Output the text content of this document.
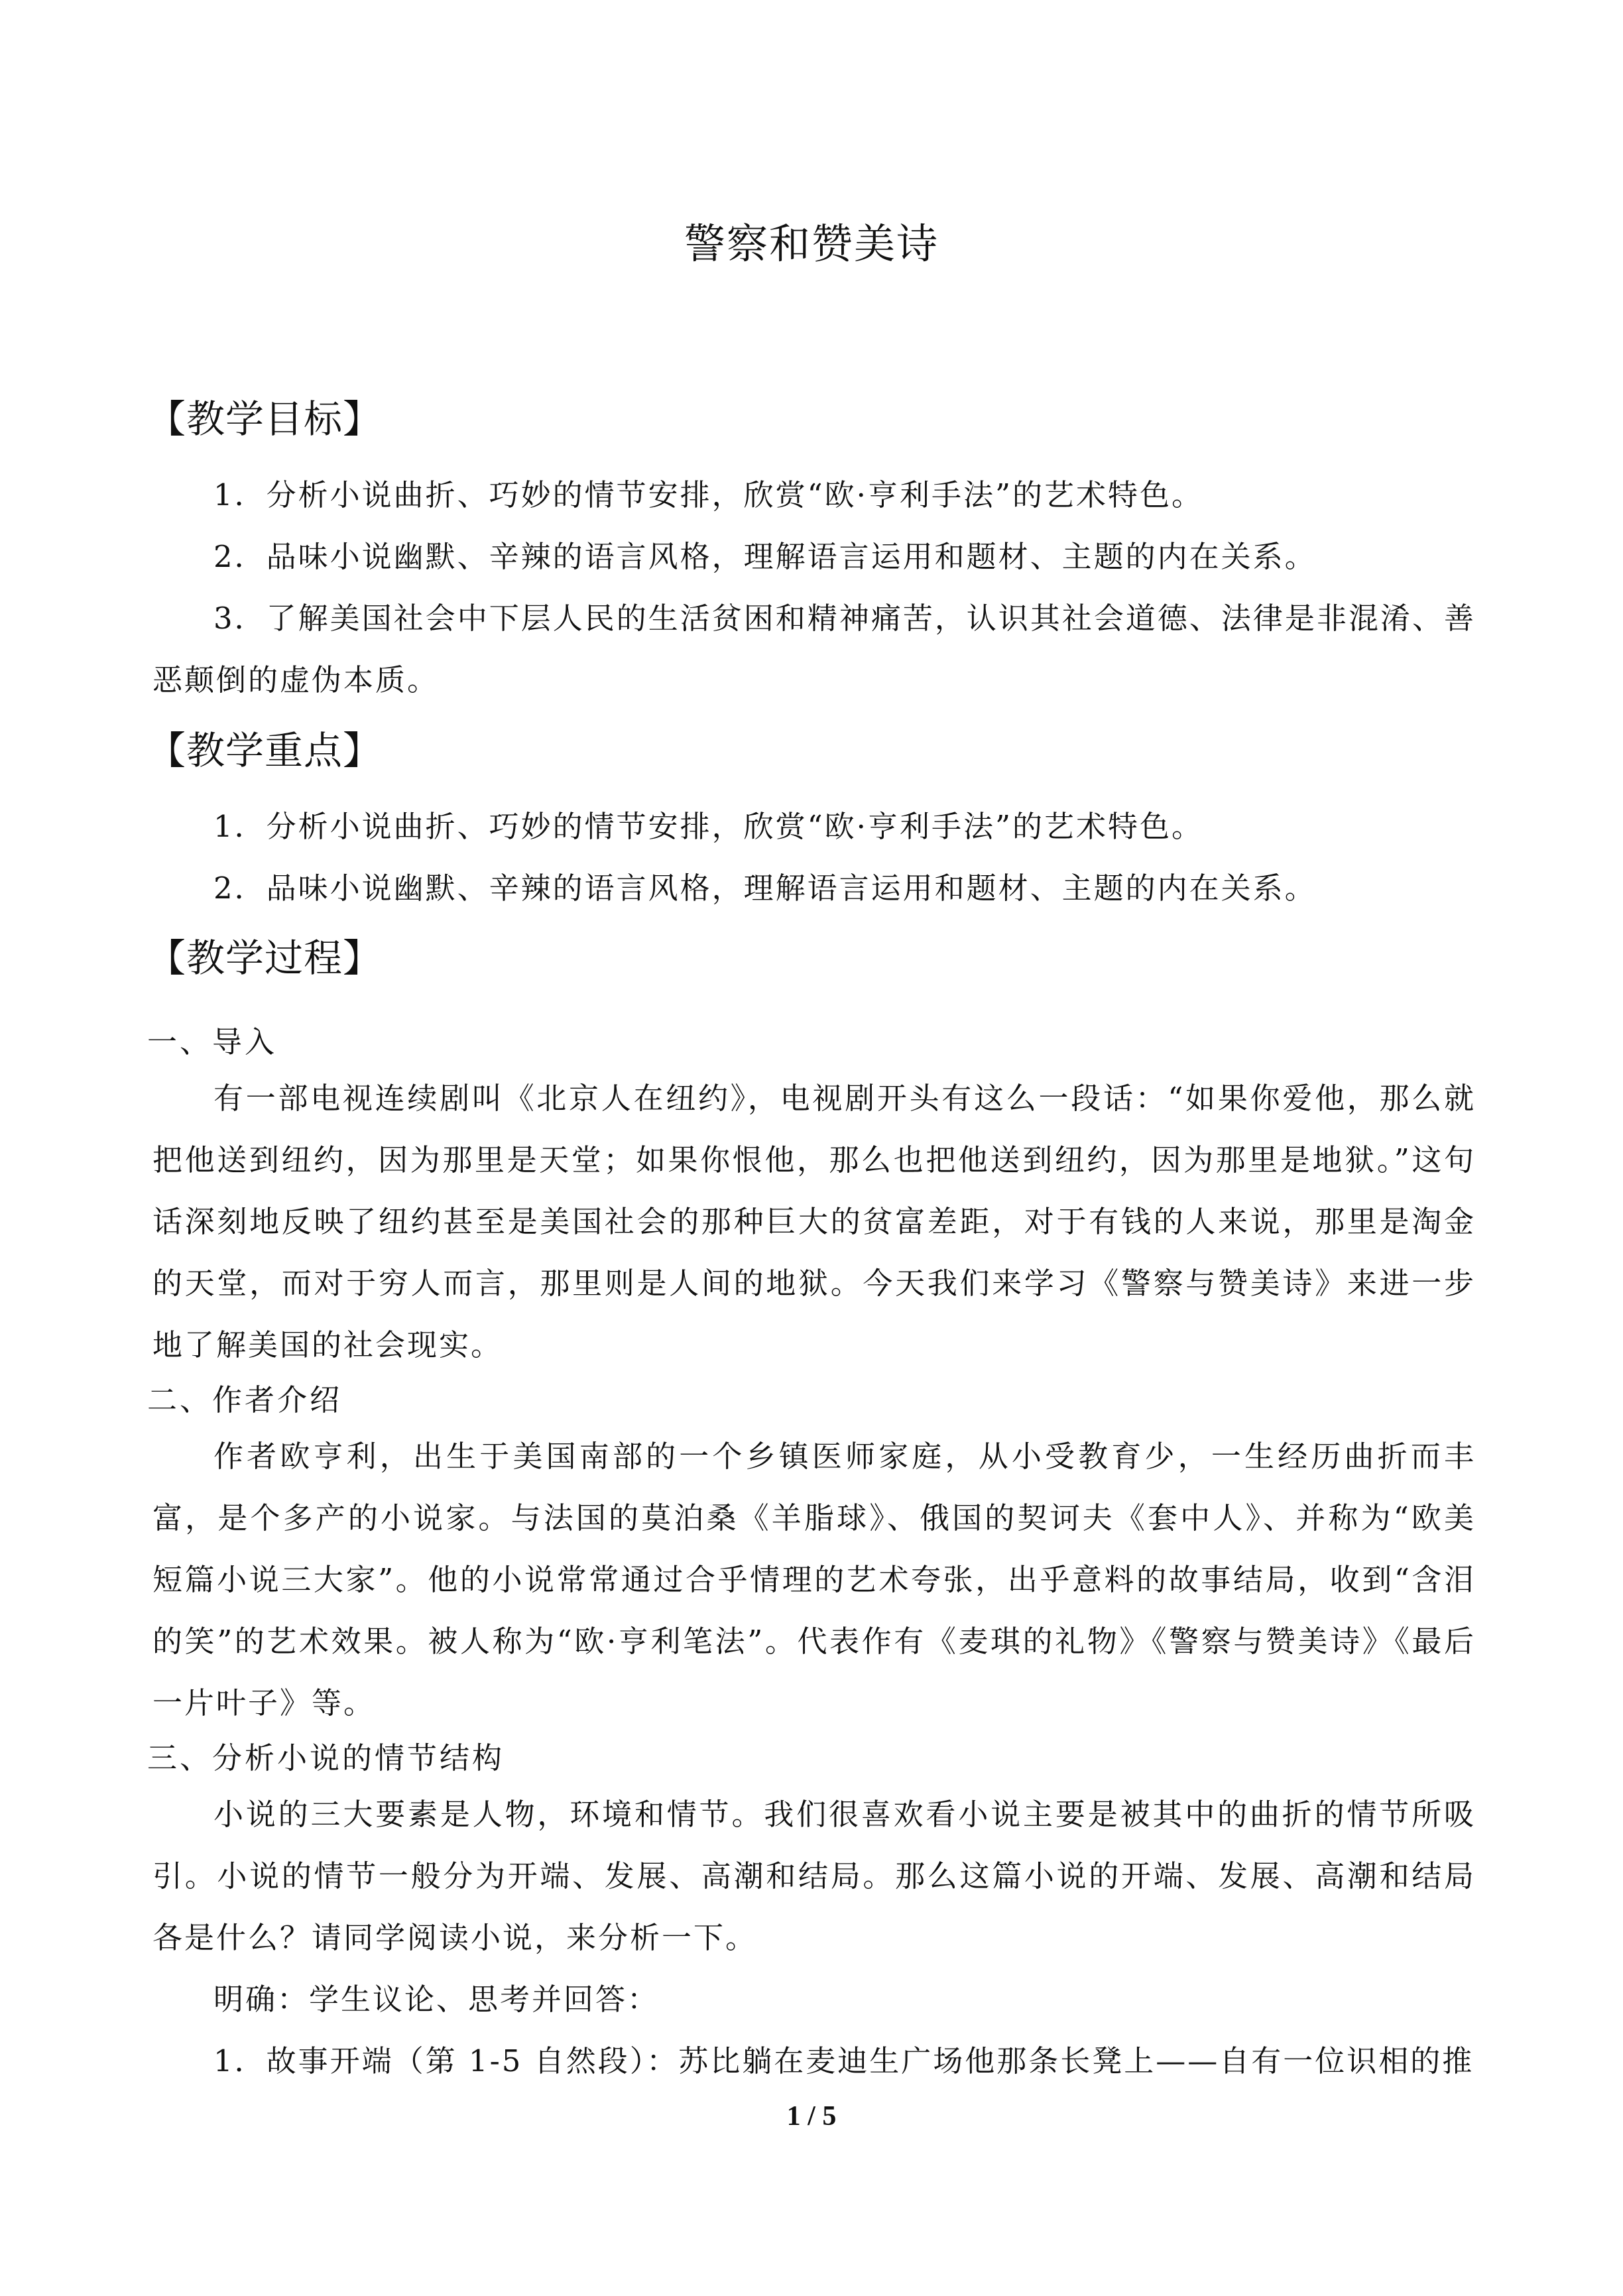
警察和赞美诗
【教学目标】
1．分析小说曲折、巧妙的情节安排，欣赏“欧·亨利手法”的艺术特色。
2．品味小说幽默、辛辣的语言风格，理解语言运用和题材、主题的内在关系。
3．了解美国社会中下层人民的生活贫困和精神痛苦，认识其社会道德、法律是非混淆、善恶颠倒的虚伪本质。
【教学重点】
1．分析小说曲折、巧妙的情节安排，欣赏“欧·亨利手法”的艺术特色。
2．品味小说幽默、辛辣的语言风格，理解语言运用和题材、主题的内在关系。
【教学过程】
一、导入
有一部电视连续剧叫《北京人在纽约》，电视剧开头有这么一段话：“如果你爱他，那么就把他送到纽约，因为那里是天堂；如果你恨他，那么也把他送到纽约，因为那里是地狱。”这句话深刻地反映了纽约甚至是美国社会的那种巨大的贫富差距，对于有钱的人来说，那里是淘金的天堂，而对于穷人而言，那里则是人间的地狱。今天我们来学习《警察与赞美诗》来进一步地了解美国的社会现实。
二、作者介绍
作者欧亨利，出生于美国南部的一个乡镇医师家庭，从小受教育少，一生经历曲折而丰富，是个多产的小说家。与法国的莫泊桑《羊脂球》、俄国的契诃夫《套中人》、并称为“欧美短篇小说三大家”。他的小说常常通过合乎情理的艺术夸张，出乎意料的故事结局，收到“含泪的笑”的艺术效果。被人称为“欧·亨利笔法”。代表作有《麦琪的礼物》《警察与赞美诗》《最后一片叶子》等。
三、分析小说的情节结构
小说的三大要素是人物，环境和情节。我们很喜欢看小说主要是被其中的曲折的情节所吸引。小说的情节一般分为开端、发展、高潮和结局。那么这篇小说的开端、发展、高潮和结局各是什么？请同学阅读小说，来分析一下。
明确：学生议论、思考并回答：
1．故事开端（第 1-5 自然段）：苏比躺在麦迪生广场他那条长凳上——自有一位识相的推
1 / 5
